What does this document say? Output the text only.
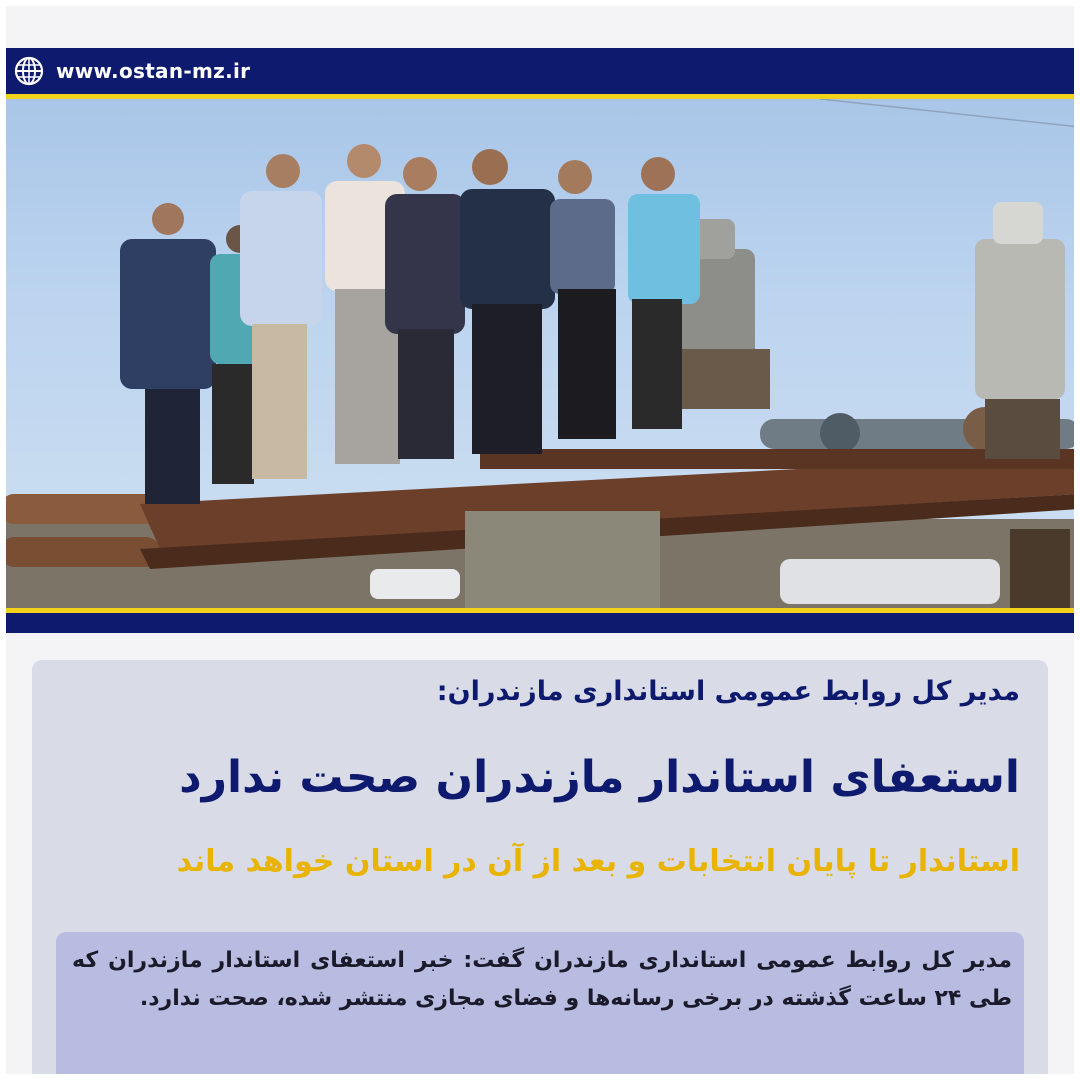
www.ostan-mz.ir
مدیر کل روابط عمومی استانداری مازندران:
استعفای استاندار مازندران صحت ندارد
استاندار تا پایان انتخابات و بعد از آن در استان خواهد ماند
مدیر کل روابط عمومی استانداری مازندران گفت: خبر استعفای استاندار مازندران که طی ۲۴ ساعت گذشته در برخی رسانه‌ها و فضای مجازی منتشر شده، صحت ندارد.
